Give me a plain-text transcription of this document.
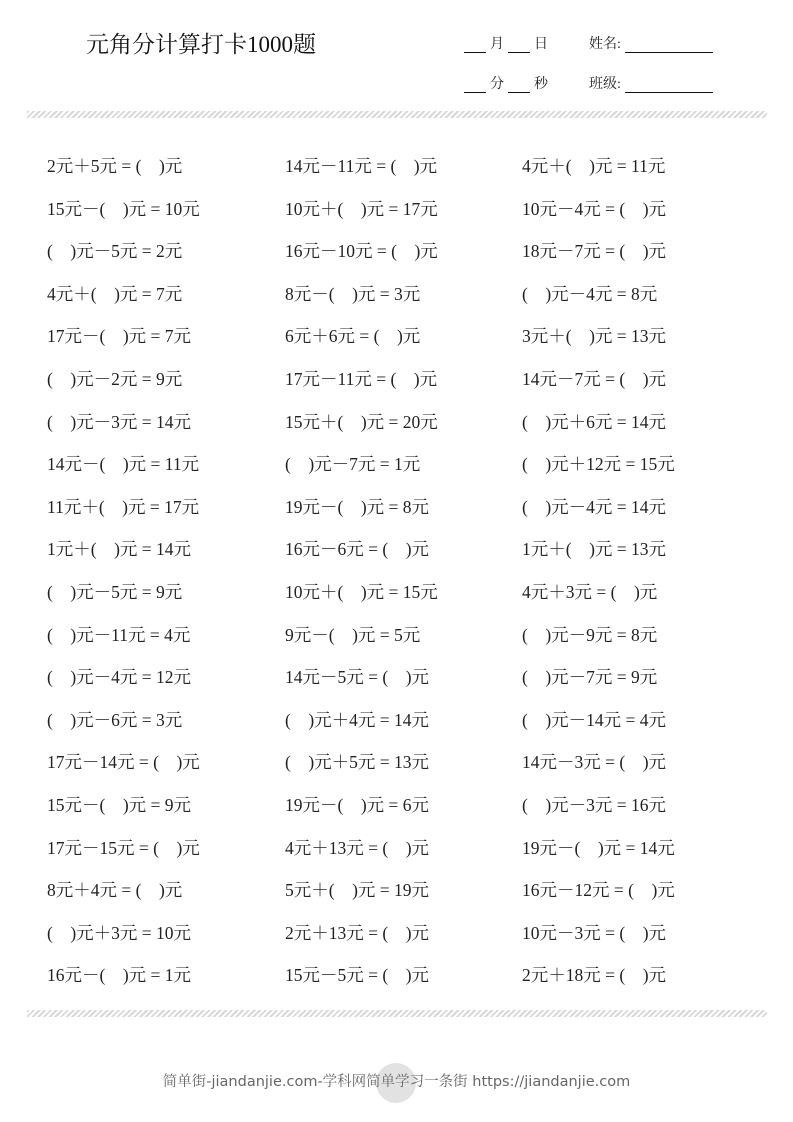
元角分计算打卡1000题	月 日	姓名:
分 秒	班级:
2元＋5元 = (    )元	14元－11元 = (    )元	4元＋(    )元 = 11元
15元－(    )元 = 10元	10元＋(    )元 = 17元	10元－4元 = (    )元
(    )元－5元 = 2元	16元－10元 = (    )元	18元－7元 = (    )元
4元＋(    )元 = 7元	8元－(    )元 = 3元	(    )元－4元 = 8元
17元－(    )元 = 7元	6元＋6元 = (    )元	3元＋(    )元 = 13元
(    )元－2元 = 9元	17元－11元 = (    )元	14元－7元 = (    )元
(    )元－3元 = 14元	15元＋(    )元 = 20元	(    )元＋6元 = 14元
14元－(    )元 = 11元	(    )元－7元 = 1元	(    )元＋12元 = 15元
11元＋(    )元 = 17元	19元－(    )元 = 8元	(    )元－4元 = 14元
1元＋(    )元 = 14元	16元－6元 = (    )元	1元＋(    )元 = 13元
(    )元－5元 = 9元	10元＋(    )元 = 15元	4元＋3元 = (    )元
(    )元－11元 = 4元	9元－(    )元 = 5元	(    )元－9元 = 8元
(    )元－4元 = 12元	14元－5元 = (    )元	(    )元－7元 = 9元
(    )元－6元 = 3元	(    )元＋4元 = 14元	(    )元－14元 = 4元
17元－14元 = (    )元	(    )元＋5元 = 13元	14元－3元 = (    )元
15元－(    )元 = 9元	19元－(    )元 = 6元	(    )元－3元 = 16元
17元－15元 = (    )元	4元＋13元 = (    )元	19元－(    )元 = 14元
8元＋4元 = (    )元	5元＋(    )元 = 19元	16元－12元 = (    )元
(    )元＋3元 = 10元	2元＋13元 = (    )元	10元－3元 = (    )元
16元－(    )元 = 1元	15元－5元 = (    )元	2元＋18元 = (    )元
简单街-jiandanjie.com-学科网简单学习一条街 https://jiandanjie.com
